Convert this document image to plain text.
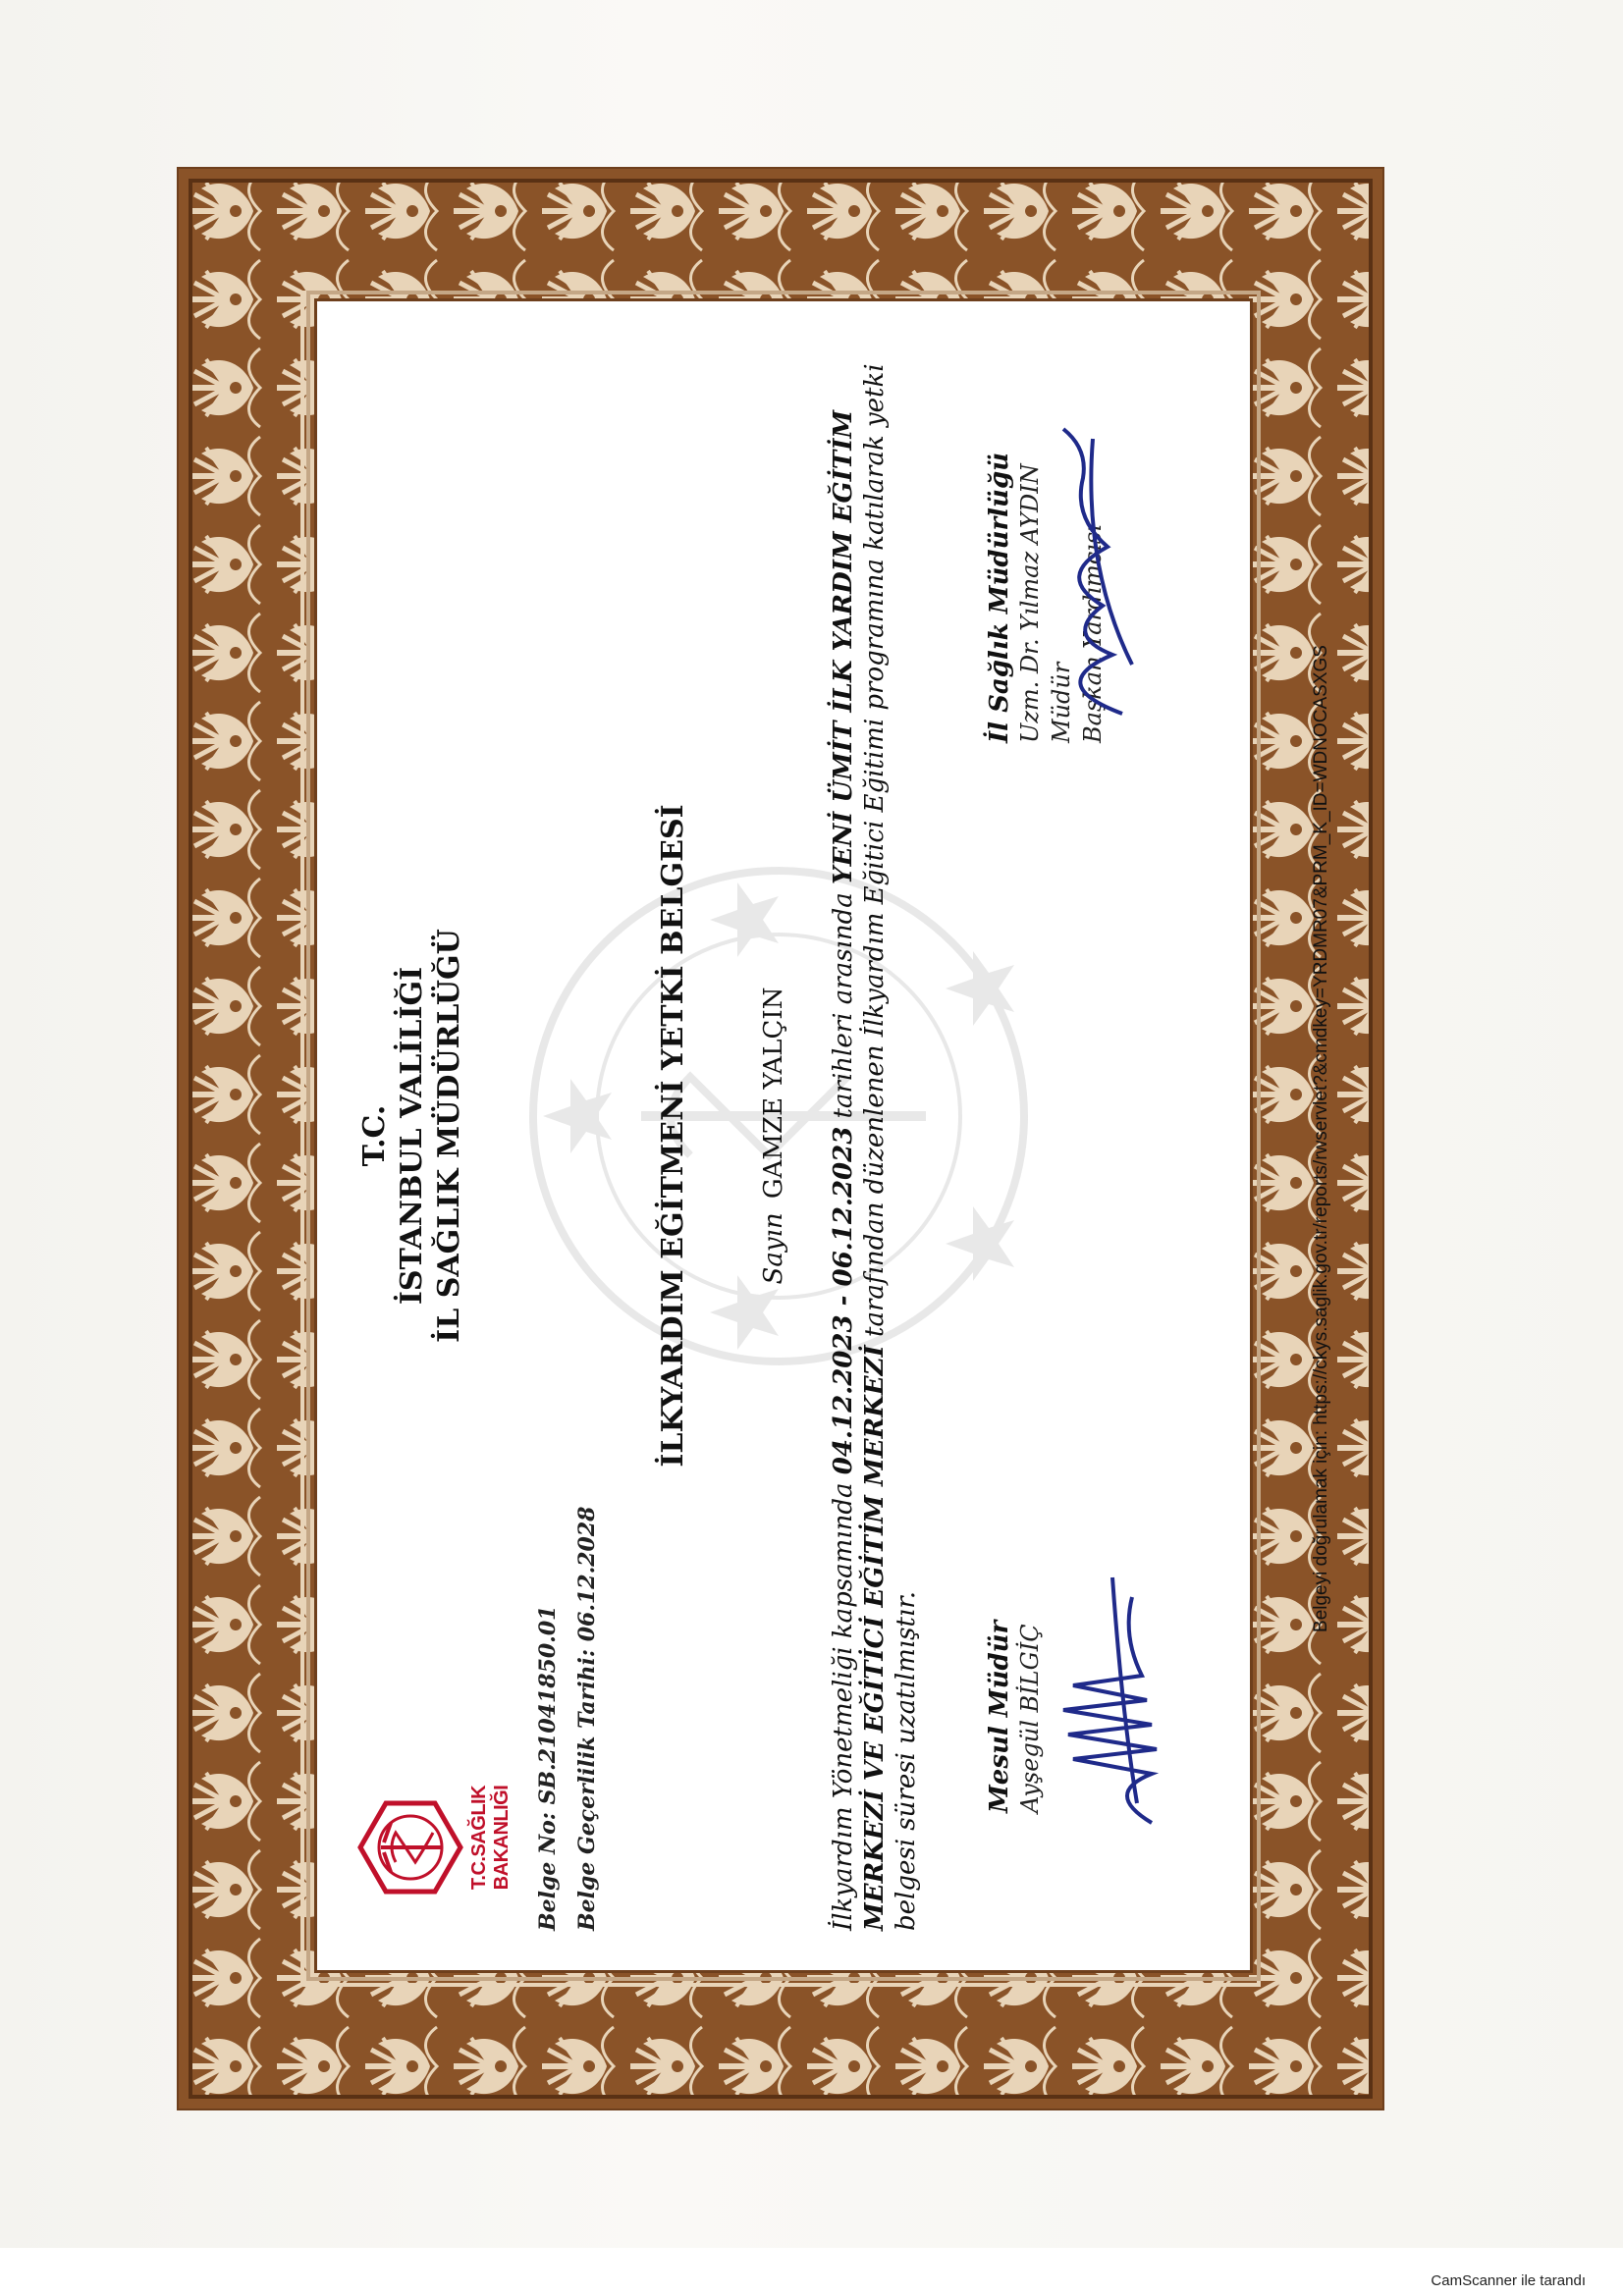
T.C.SAĞLIK BAKANLIĞI	Belge No: SB.21041850.01 Belge Geçerlilik Tarihi: 06.12.2028
T.C. İSTANBUL VALİLİĞİ İL SAĞLIK MÜDÜRLÜĞÜ	İLKYARDIM EĞİTMENİ YETKİ BELGESİ	Sayın GAMZE YALÇIN
İlkyardım Yönetmeliği kapsamında 04.12.2023 - 06.12.2023 tarihleri arasında YENİ ÜMİT İLK YARDIM EĞİTİM MERKEZİ VE EĞİTİCİ EĞİTİM MERKEZİ tarafından düzenlenen İlkyardım Eğitici Eğitimi programına katılarak yetki belgesi süresi uzatılmıştır.	Mesul Müdür Ayşegül BİLGİÇ
İl Sağlık Müdürlüğü Uzm. Dr. Yılmaz AYDIN Müdür Başkan Yardımcısı
Belgeyi doğrulamak için: https://ckys.saglik.gov.tr/reports/rwservlet?&cmdkey=YRDMR07&PRM_K_ID=WDNOCASXGS
CamScanner ile tarandı
